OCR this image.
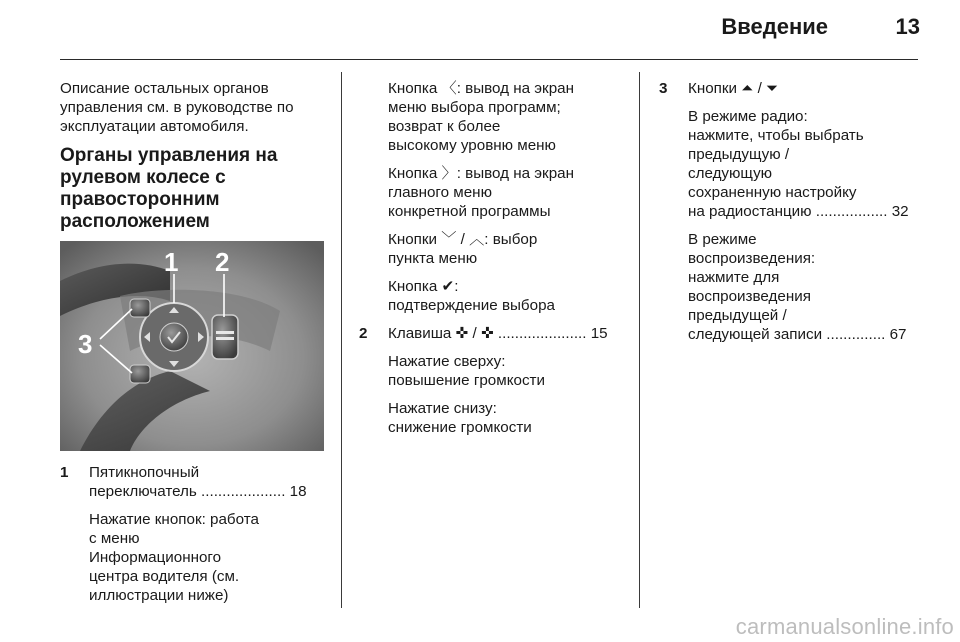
Введение	13
Описание остальных органов
управления см. в руководстве по
эксплуатации автомобиля.
Органы управления на
рулевом колесе с
правосторонним
расположением
1 2
3
1 Пятикнопочный
переключатель .................... 18
Нажатие кнопок: работа
с меню
Информационного
центра водителя (см.
иллюстрации ниже)
Кнопка 〈: вывод на экран
меню выбора программ;
возврат к более
высокому уровню меню
Кнопка 〉: вывод на экран
главного меню
конкретной программы
Кнопки ﹀ / ︿: выбор
пункта меню
Кнопка ✔:
подтверждение выбора
2 Клавиша ✜ / ✜ ..................... 15
Нажатие сверху:
повышение громкости
Нажатие снизу:
снижение громкости
3 Кнопки ⏶ / ⏷
В режиме радио:
нажмите, чтобы выбрать
предыдущую /
следующую
сохраненную настройку
на радиостанцию ................. 32
В режиме
воспроизведения:
нажмите для
воспроизведения
предыдущей /
следующей записи .............. 67
carmanualsonline.info
